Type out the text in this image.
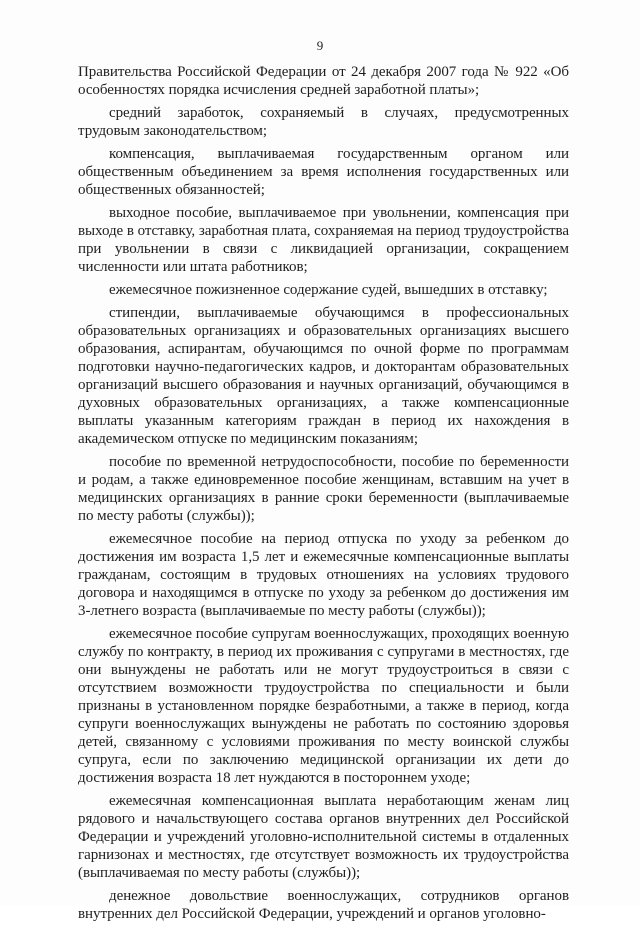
9

Правительства Российской Федерации от 24 декабря 2007 года № 922 «Об особенностях порядка исчисления средней заработной платы»;

средний заработок, сохраняемый в случаях, предусмотренных трудовым законодательством;

компенсация, выплачиваемая государственным органом или общественным объединением за время исполнения государственных или общественных обязанностей;

выходное пособие, выплачиваемое при увольнении, компенсация при выходе в отставку, заработная плата, сохраняемая на период трудоустройства при увольнении в связи с ликвидацией организации, сокращением численности или штата работников;

ежемесячное пожизненное содержание судей, вышедших в отставку;

стипендии, выплачиваемые обучающимся в профессиональных образовательных организациях и образовательных организациях высшего образования, аспирантам, обучающимся по очной форме по программам подготовки научно-педагогических кадров, и докторантам образовательных организаций высшего образования и научных организаций, обучающимся в духовных образовательных организациях, а также компенсационные выплаты указанным категориям граждан в период их нахождения в академическом отпуске по медицинским показаниям;

пособие по временной нетрудоспособности, пособие по беременности и родам, а также единовременное пособие женщинам, вставшим на учет в медицинских организациях в ранние сроки беременности (выплачиваемые по месту работы (службы));

ежемесячное пособие на период отпуска по уходу за ребенком до достижения им возраста 1,5 лет и ежемесячные компенсационные выплаты гражданам, состоящим в трудовых отношениях на условиях трудового договора и находящимся в отпуске по уходу за ребенком до достижения им 3-летнего возраста (выплачиваемые по месту работы (службы));

ежемесячное пособие супругам военнослужащих, проходящих военную службу по контракту, в период их проживания с супругами в местностях, где они вынуждены не работать или не могут трудоустроиться в связи с отсутствием возможности трудоустройства по специальности и были признаны в установленном порядке безработными, а также в период, когда супруги военнослужащих вынуждены не работать по состоянию здоровья детей, связанному с условиями проживания по месту воинской службы супруга, если по заключению медицинской организации их дети до достижения возраста 18 лет нуждаются в постороннем уходе;

ежемесячная компенсационная выплата неработающим женам лиц рядового и начальствующего состава органов внутренних дел Российской Федерации и учреждений уголовно-исполнительной системы в отдаленных гарнизонах и местностях, где отсутствует возможность их трудоустройства (выплачиваемая по месту работы (службы));

денежное довольствие военнослужащих, сотрудников органов внутренних дел Российской Федерации, учреждений и органов уголовно-
